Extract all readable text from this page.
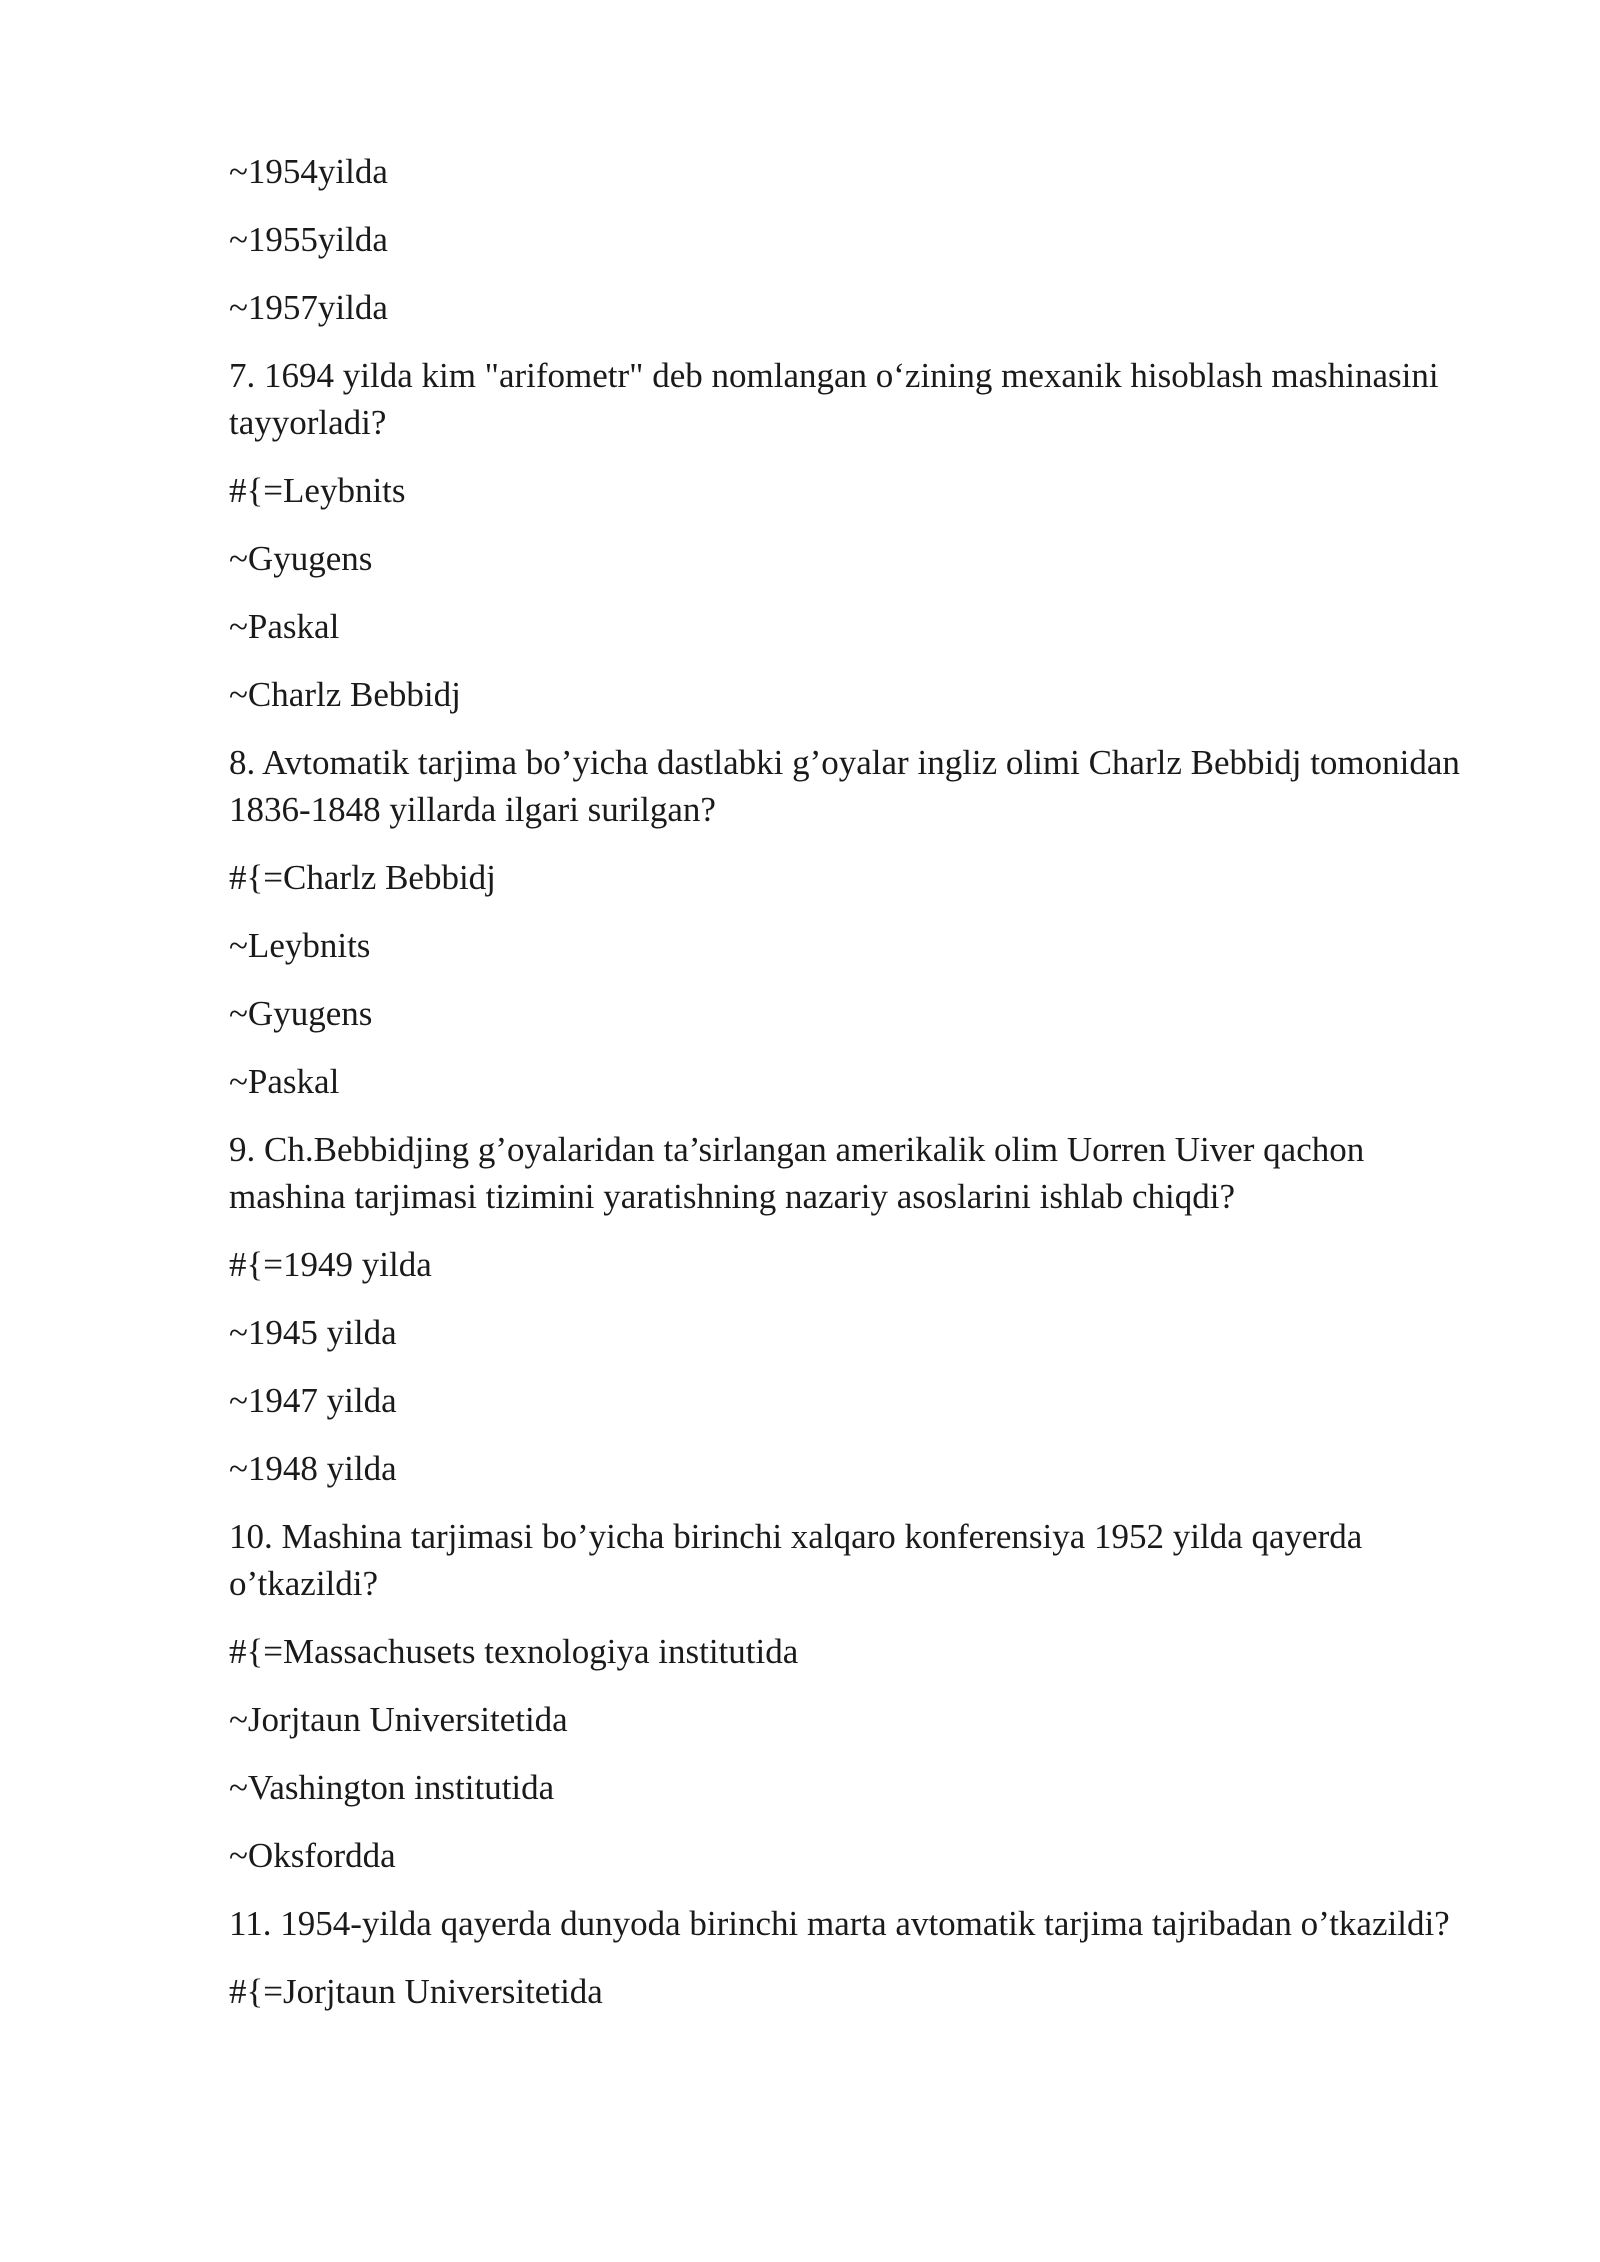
~1954yilda
~1955yilda
~1957yilda
7. 1694 yilda kim "arifometr" deb nomlangan o‘zining mexanik hisoblash mashinasini tayyorladi?
#{=Leybnits
~Gyugens
~Paskal
~Charlz Bebbidj
8. Avtomatik tarjima bo’yicha dastlabki g’oyalar ingliz olimi Charlz Bebbidj tomonidan 1836-1848 yillarda ilgari surilgan?
#{=Charlz Bebbidj
~Leybnits
~Gyugens
~Paskal
9. Ch.Bebbidjing g’oyalaridan ta’sirlangan amerikalik olim Uorren Uiver qachon mashina tarjimasi tizimini yaratishning nazariy asoslarini ishlab chiqdi?
#{=1949 yilda
~1945 yilda
~1947 yilda
~1948 yilda
10. Mashina tarjimasi bo’yicha birinchi xalqaro konferensiya 1952 yilda qayerda o’tkazildi?
#{=Massachusets texnologiya institutida
~Jorjtaun Universitetida
~Vashington institutida
~Oksfordda
11. 1954-yilda qayerda dunyoda birinchi marta avtomatik tarjima tajribadan o’tkazildi?
#{=Jorjtaun Universitetida
